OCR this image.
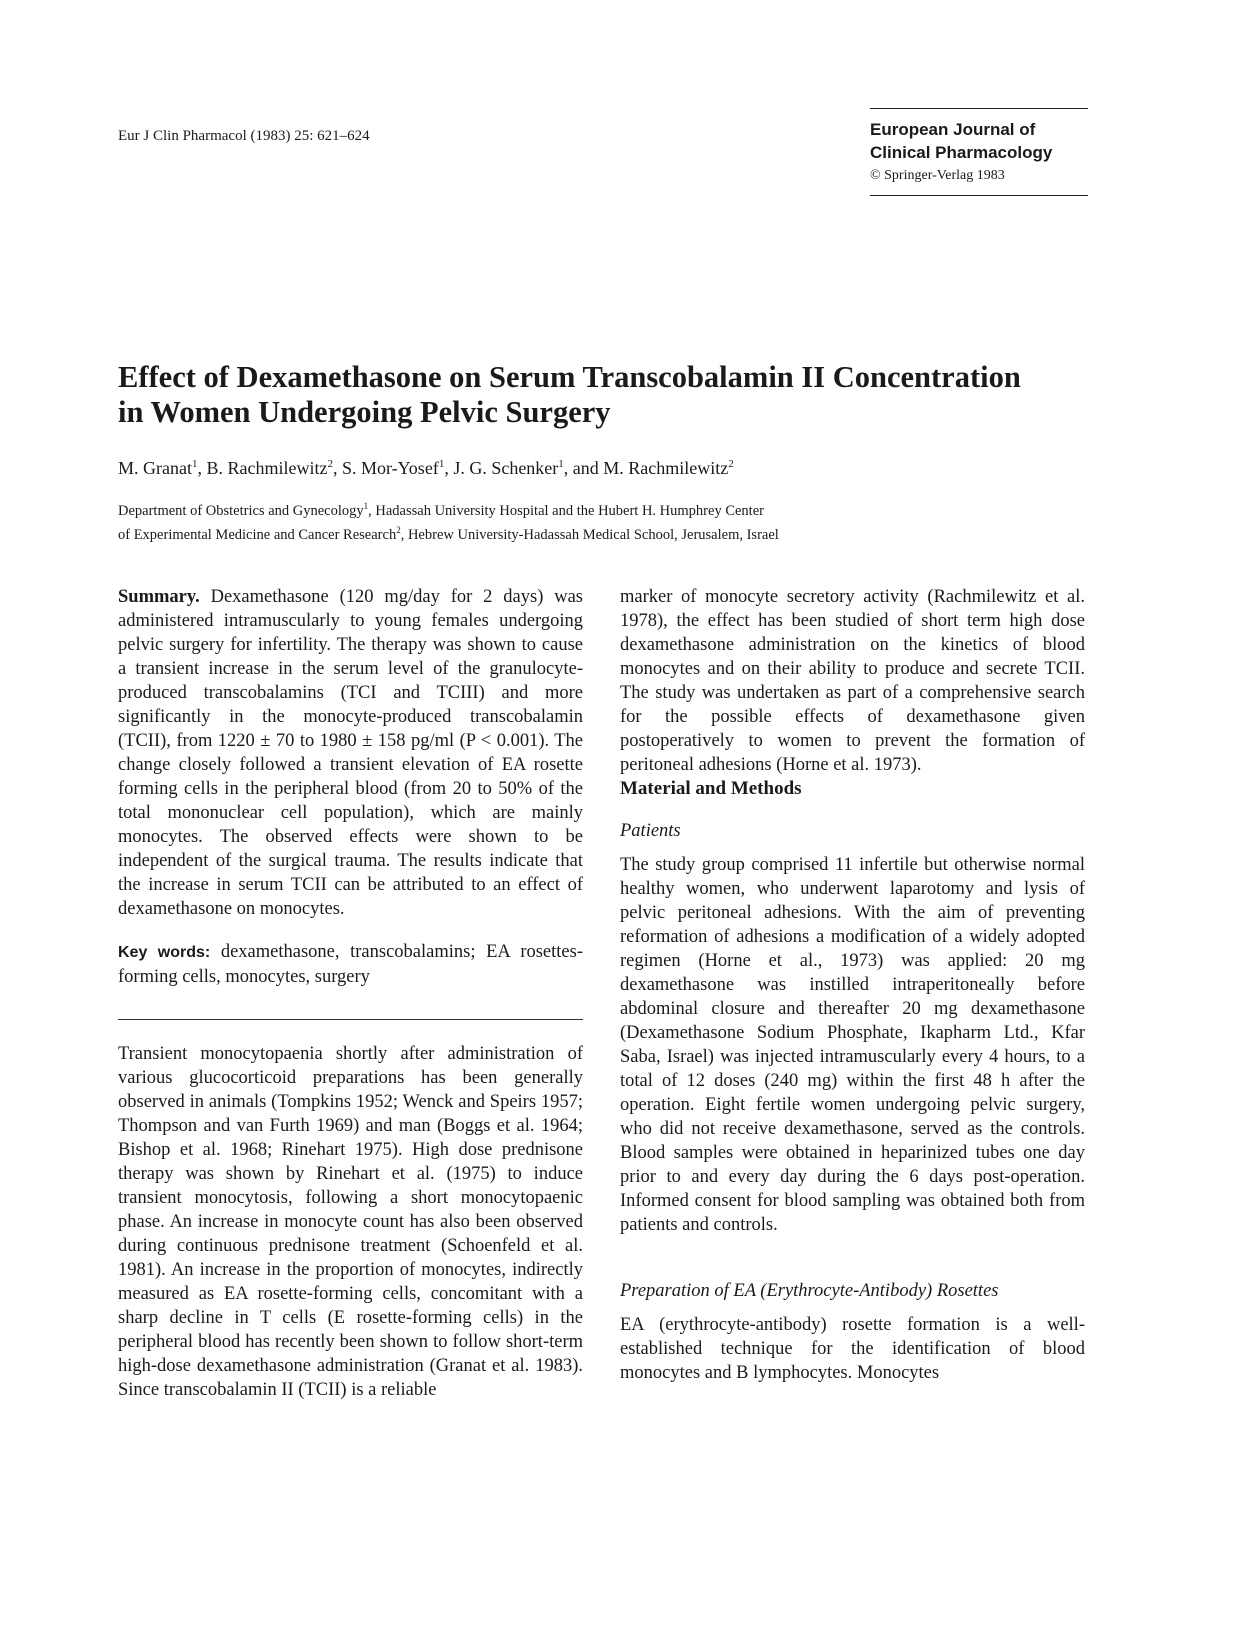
Eur J Clin Pharmacol (1983) 25: 621–624	European Journal of
Clinical Pharmacology
© Springer-Verlag 1983
Effect of Dexamethasone on Serum Transcobalamin II Concentration
in Women Undergoing Pelvic Surgery
M. Granat$^1$, B. Rachmilewitz$^2$, S. Mor-Yosef$^1$, J. G. Schenker$^1$, and M. Rachmilewitz$^2$
Department of Obstetrics and Gynecology$^1$, Hadassah University Hospital and the Hubert H. Humphrey Center
of Experimental Medicine and Cancer Research$^2$, Hebrew University-Hadassah Medical School, Jerusalem, Israel

Summary. Dexamethasone (120 mg/day for 2 days) was administered intramuscularly to young females undergoing pelvic surgery for infertility. The therapy was shown to cause a transient increase in the serum level of the granulocyte-produced transcobalamins (TCI and TCIII) and more significantly in the monocyte-produced transcobalamin (TCII), from 1220 ± 70 to 1980 ± 158 pg/ml (P < 0.001). The change closely followed a transient elevation of EA rosette forming cells in the peripheral blood (from 20 to 50% of the total mononuclear cell population), which are mainly monocytes. The observed effects were shown to be independent of the surgical trauma. The results indicate that the increase in serum TCII can be attributed to an effect of dexamethasone on monocytes.

Key words: dexamethasone, transcobalamins; EA rosettes-forming cells, monocytes, surgery

Transient monocytopaenia shortly after administration of various glucocorticoid preparations has been generally observed in animals (Tompkins 1952; Wenck and Speirs 1957; Thompson and van Furth 1969) and man (Boggs et al. 1964; Bishop et al. 1968; Rinehart 1975). High dose prednisone therapy was shown by Rinehart et al. (1975) to induce transient monocytosis, following a short monocytopaenic phase. An increase in monocyte count has also been observed during continuous prednisone treatment (Schoenfeld et al. 1981). An increase in the proportion of monocytes, indirectly measured as EA rosette-forming cells, concomitant with a sharp decline in T cells (E rosette-forming cells) in the peripheral blood has recently been shown to follow short-term high-dose dexamethasone administration (Granat et al. 1983). Since transcobalamin II (TCII) is a reliable

marker of monocyte secretory activity (Rachmilewitz et al. 1978), the effect has been studied of short term high dose dexamethasone administration on the kinetics of blood monocytes and on their ability to produce and secrete TCII. The study was undertaken as part of a comprehensive search for the possible effects of dexamethasone given postoperatively to women to prevent the formation of peritoneal adhesions (Horne et al. 1973).

Material and Methods

Patients

The study group comprised 11 infertile but otherwise normal healthy women, who underwent laparotomy and lysis of pelvic peritoneal adhesions. With the aim of preventing reformation of adhesions a modification of a widely adopted regimen (Horne et al., 1973) was applied: 20 mg dexamethasone was instilled intraperitoneally before abdominal closure and thereafter 20 mg dexamethasone (Dexamethasone Sodium Phosphate, Ikapharm Ltd., Kfar Saba, Israel) was injected intramuscularly every 4 hours, to a total of 12 doses (240 mg) within the first 48 h after the operation. Eight fertile women undergoing pelvic surgery, who did not receive dexamethasone, served as the controls. Blood samples were obtained in heparinized tubes one day prior to and every day during the 6 days post-operation. Informed consent for blood sampling was obtained both from patients and controls.

Preparation of EA (Erythrocyte-Antibody) Rosettes

EA (erythrocyte-antibody) rosette formation is a well-established technique for the identification of blood monocytes and B lymphocytes. Monocytes
